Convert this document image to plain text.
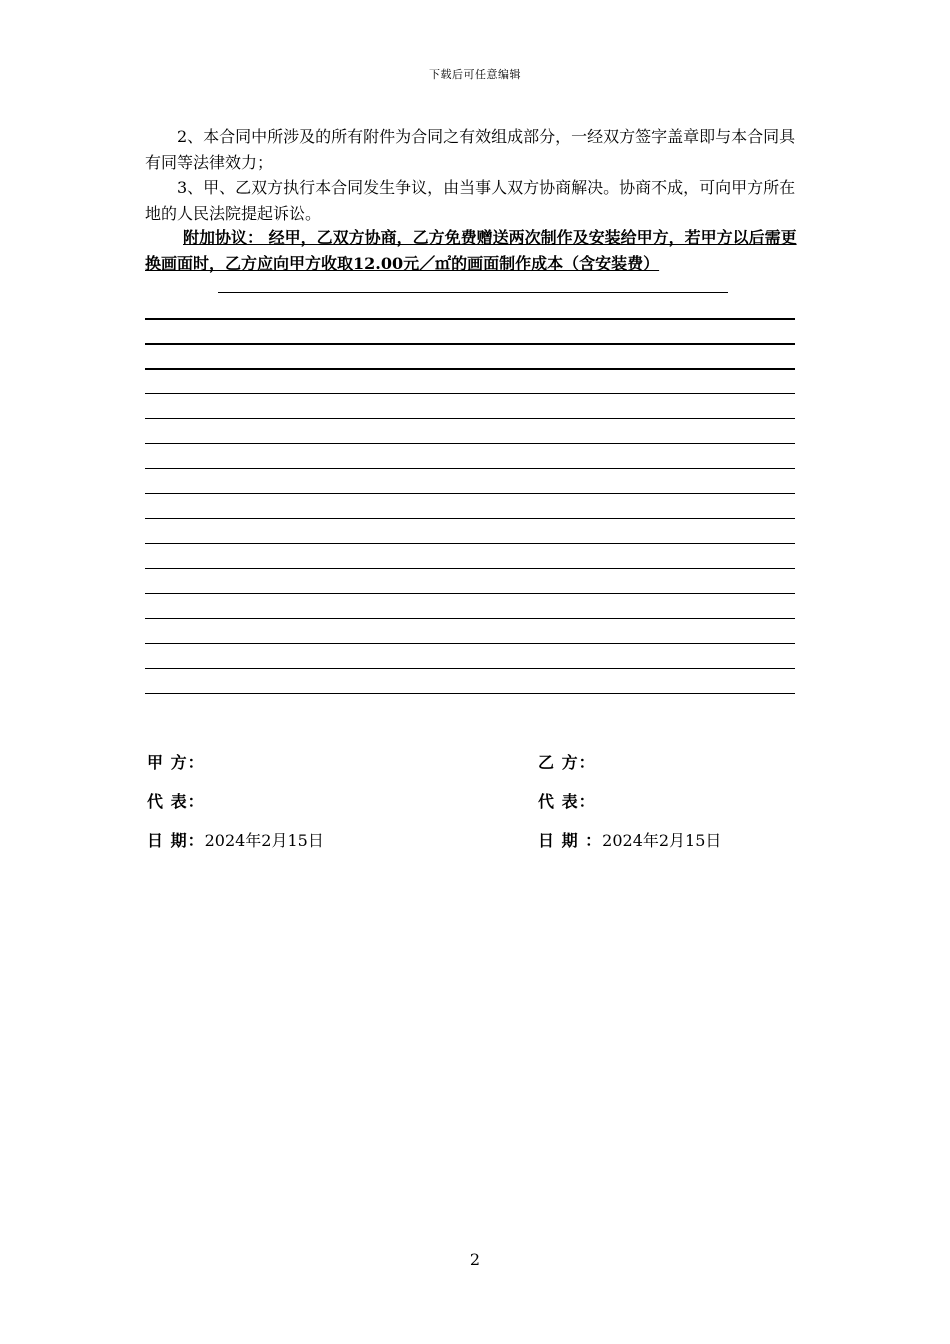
下载后可任意编辑
2、本合同中所涉及的所有附件为合同之有效组成部分，一经双方签字盖章即与本合同具有同等法律效力；
3、甲、乙双方执行本合同发生争议，由当事人双方协商解决。协商不成，可向甲方所在地的人民法院提起诉讼。
附加协议： 经甲，乙双方协商，乙方免费赠送两次制作及安装给甲方，若甲方以后需更换画面时，乙方应向甲方收取12.00元／㎡的画面制作成本（含安装费）
甲 方：
代 表：
日 期：2024年2月15日
乙 方：
代 表：
日 期 ：2024年2月15日
2
